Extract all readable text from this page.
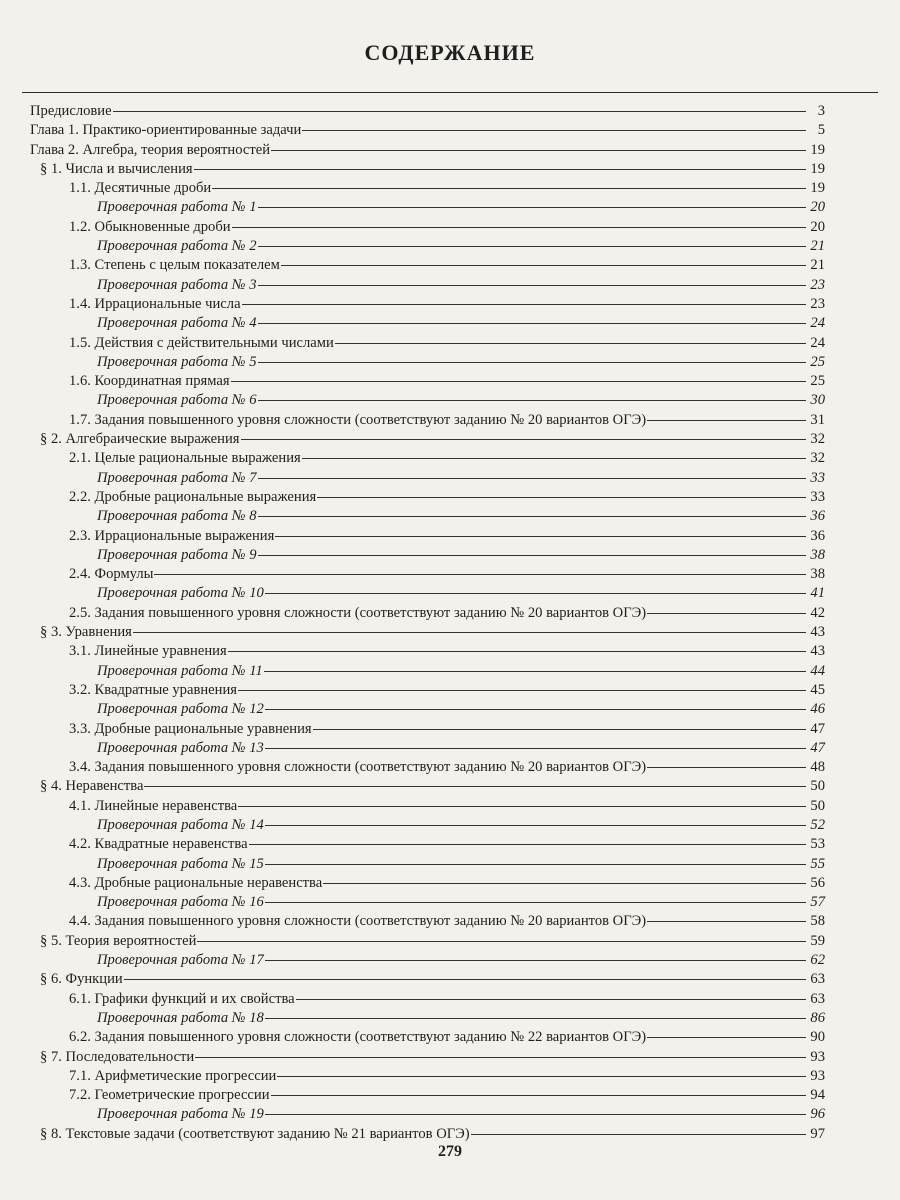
СОДЕРЖАНИЕ
Предисловие	3
Глава 1. Практико-ориентированные задачи	5
Глава 2. Алгебра, теория вероятностей	19
§ 1. Числа и вычисления	19
1.1. Десятичные дроби	19
Проверочная работа № 1	20
1.2. Обыкновенные дроби	20
Проверочная работа № 2	21
1.3. Степень с целым показателем	21
Проверочная работа № 3	23
1.4. Иррациональные числа	23
Проверочная работа № 4	24
1.5. Действия с действительными числами	24
Проверочная работа № 5	25
1.6. Координатная прямая	25
Проверочная работа № 6	30
1.7. Задания повышенного уровня сложности (соответствуют заданию № 20 вариантов ОГЭ)	31
§ 2. Алгебраические выражения	32
2.1. Целые рациональные выражения	32
Проверочная работа № 7	33
2.2. Дробные рациональные выражения	33
Проверочная работа № 8	36
2.3. Иррациональные выражения	36
Проверочная работа № 9	38
2.4. Формулы	38
Проверочная работа № 10	41
2.5. Задания повышенного уровня сложности (соответствуют заданию № 20 вариантов ОГЭ)	42
§ 3. Уравнения	43
3.1. Линейные уравнения	43
Проверочная работа № 11	44
3.2. Квадратные уравнения	45
Проверочная работа № 12	46
3.3. Дробные рациональные уравнения	47
Проверочная работа № 13	47
3.4. Задания повышенного уровня сложности (соответствуют заданию № 20 вариантов ОГЭ)	48
§ 4. Неравенства	50
4.1. Линейные неравенства	50
Проверочная работа № 14	52
4.2. Квадратные неравенства	53
Проверочная работа № 15	55
4.3. Дробные рациональные неравенства	56
Проверочная работа № 16	57
4.4. Задания повышенного уровня сложности (соответствуют заданию № 20 вариантов ОГЭ)	58
§ 5. Теория вероятностей	59
Проверочная работа № 17	62
§ 6. Функции	63
6.1. Графики функций и их свойства	63
Проверочная работа № 18	86
6.2. Задания повышенного уровня сложности (соответствуют заданию № 22 вариантов ОГЭ)	90
§ 7. Последовательности	93
7.1. Арифметические прогрессии	93
7.2. Геометрические прогрессии	94
Проверочная работа № 19	96
§ 8. Текстовые задачи (соответствуют заданию № 21 вариантов ОГЭ)	97
279
